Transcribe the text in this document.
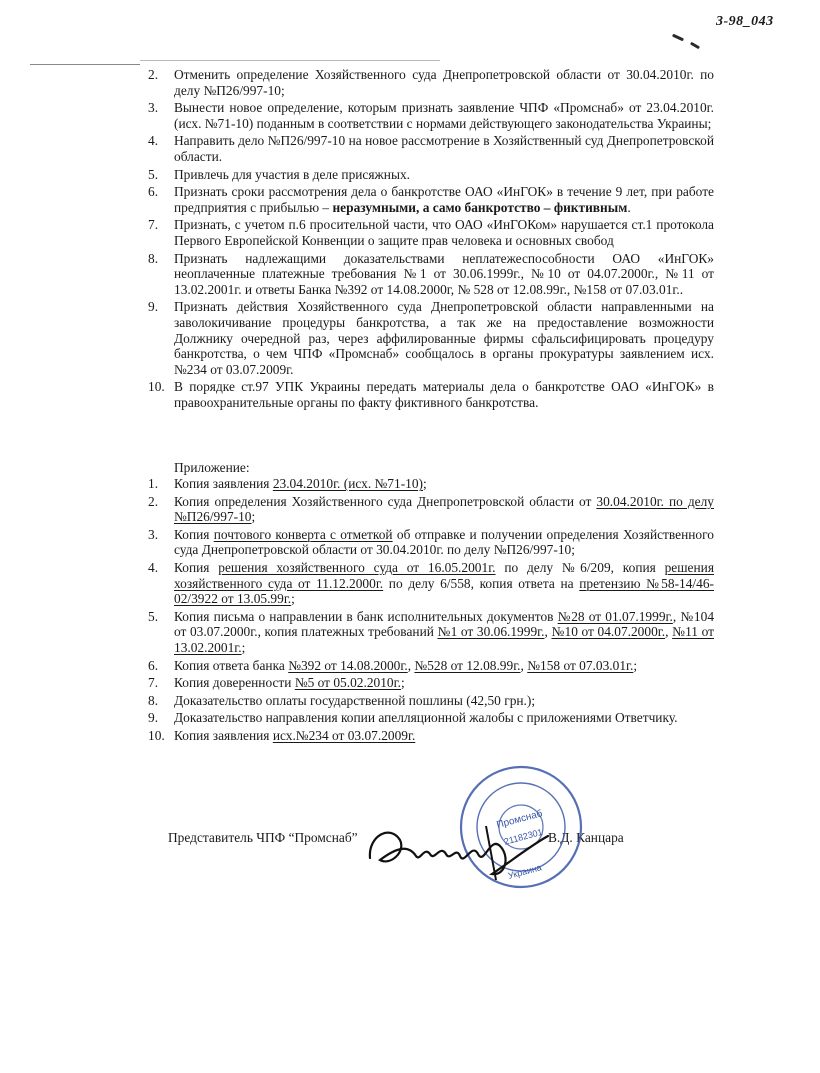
3-98_043
2.	Отменить определение Хозяйственного суда Днепропетровской области от 30.04.2010г. по делу №П26/997-10;
3.	Вынести новое определение, которым признать заявление ЧПФ «Промснаб» от 23.04.2010г. (исх. №71-10) поданным в соответствии с нормами действующего законодательства Украины;
4.	Направить дело №П26/997-10 на новое рассмотрение в Хозяйственный суд Днепропетровской области.
5.	Привлечь для участия в деле присяжных.
6.	Признать сроки рассмотрения дела о банкротстве ОАО «ИнГОК» в течение 9 лет, при работе предприятия с прибылью – неразумными, а само банкротство – фиктивным.
7.	Признать, с учетом п.6 просительной части, что ОАО «ИнГОКом» нарушается ст.1 протокола Первого Европейской Конвенции о защите прав человека и основных свобод
8.	Признать надлежащими доказательствами неплатежеспособности ОАО «ИнГОК» неоплаченные платежные требования №1 от 30.06.1999г., №10 от 04.07.2000г., №11 от 13.02.2001г. и ответы Банка №392 от 14.08.2000г, № 528 от 12.08.99г., №158 от 07.03.01г..
9.	Признать действия Хозяйственного суда Днепропетровской области направленными на заволокичивание процедуры банкротства, а так же на предоставление возможности Должнику очередной раз, через аффилированные фирмы сфальсифицировать процедуру банкротства, о чем ЧПФ «Промснаб» сообщалось в органы прокуратуры заявлением исх.№234 от 03.07.2009г.
10. В порядке ст.97 УПК Украины передать материалы дела о банкротстве ОАО «ИнГОК» в правоохранительные органы по факту фиктивного банкротства.
Приложение:
1.	Копия заявления 23.04.2010г. (исх. №71-10);
2.	Копия определения Хозяйственного суда Днепропетровской области от 30.04.2010г. по делу №П26/997-10;
3.	Копия почтового конверта с отметкой об отправке и получении определения Хозяйственного суда Днепропетровской области от 30.04.2010г. по делу №П26/997-10;
4.	Копия решения хозяйственного суда от 16.05.2001г. по делу №6/209, копия решения хозяйственного суда от 11.12.2000г. по делу 6/558, копия ответа на претензию №58-14/46-02/3922 от 13.05.99г.;
5.	Копия письма о направлении в банк исполнительных документов №28 от 01.07.1999г., №104 от 03.07.2000г., копия платежных требований №1 от 30.06.1999г., №10 от 04.07.2000г., №11 от 13.02.2001г.;
6.	Копия ответа банка №392 от 14.08.2000г., №528 от 12.08.99г., №158 от 07.03.01г.;
7.	Копия доверенности №5 от 05.02.2010г.;
8.	Доказательство оплаты государственной пошлины (42,50 грн.);
9.	Доказательство направления копии апелляционной жалобы с приложениями Ответчику.
10. Копия заявления исх.№234 от 03.07.2009г.
Представитель ЧПФ “Промснаб”	В.Д. Канцара
Промснаб
21182301
Украина
